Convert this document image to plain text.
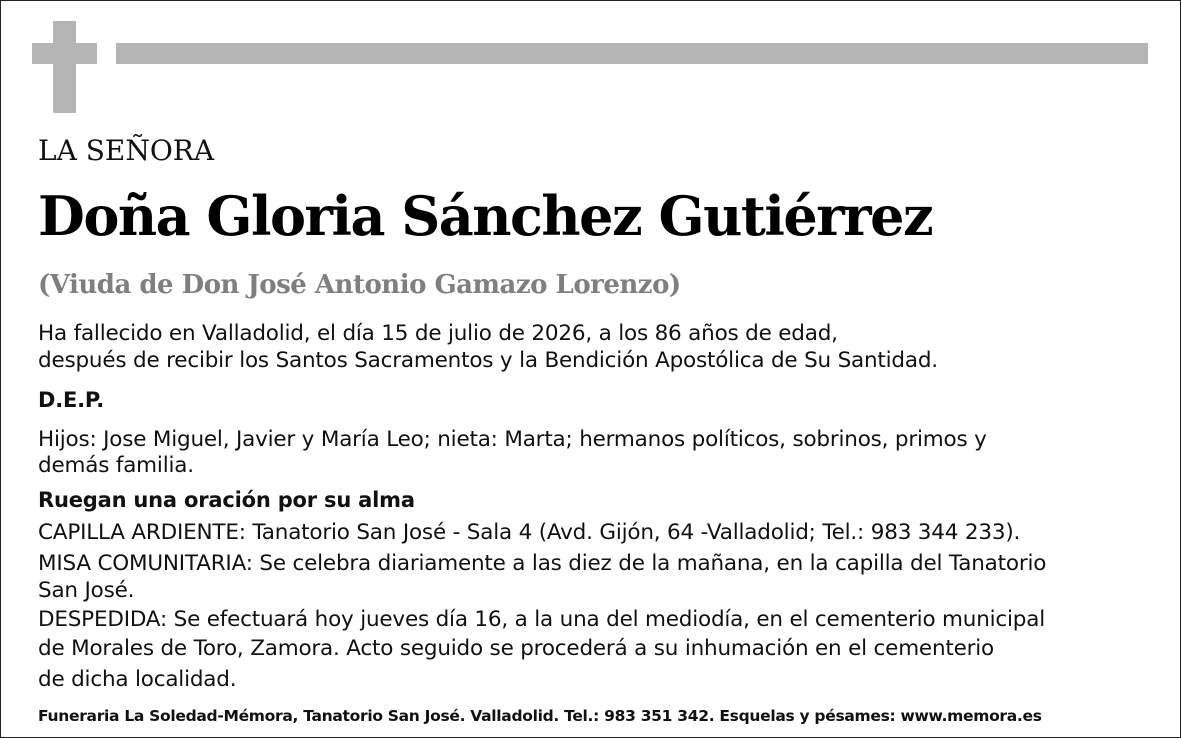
LA SEÑORA

Doña Gloria Sánchez Gutiérrez

(Viuda de Don José Antonio Gamazo Lorenzo)

Ha fallecido en Valladolid, el día 15 de julio de 2026, a los 86 años de edad,

después de recibir los Santos Sacramentos y la Bendición Apostólica de Su Santidad.

D.E.P.

Hijos: Jose Miguel, Javier y María Leo; nieta: Marta; hermanos políticos, sobrinos, primos y

demás familia.

Ruegan una oración por su alma

CAPILLA ARDIENTE: Tanatorio San José - Sala 4 (Avd. Gijón, 64 -Valladolid; Tel.: 983 344 233).

MISA COMUNITARIA: Se celebra diariamente a las diez de la mañana, en la capilla del Tanatorio

San José.

DESPEDIDA: Se efectuará hoy jueves día 16, a la una del mediodía, en el cementerio municipal

de Morales de Toro, Zamora. Acto seguido se procederá a su inhumación en el cementerio

de dicha localidad.

Funeraria La Soledad-Mémora, Tanatorio San José. Valladolid. Tel.: 983 351 342. Esquelas y pésames: www.memora.es
